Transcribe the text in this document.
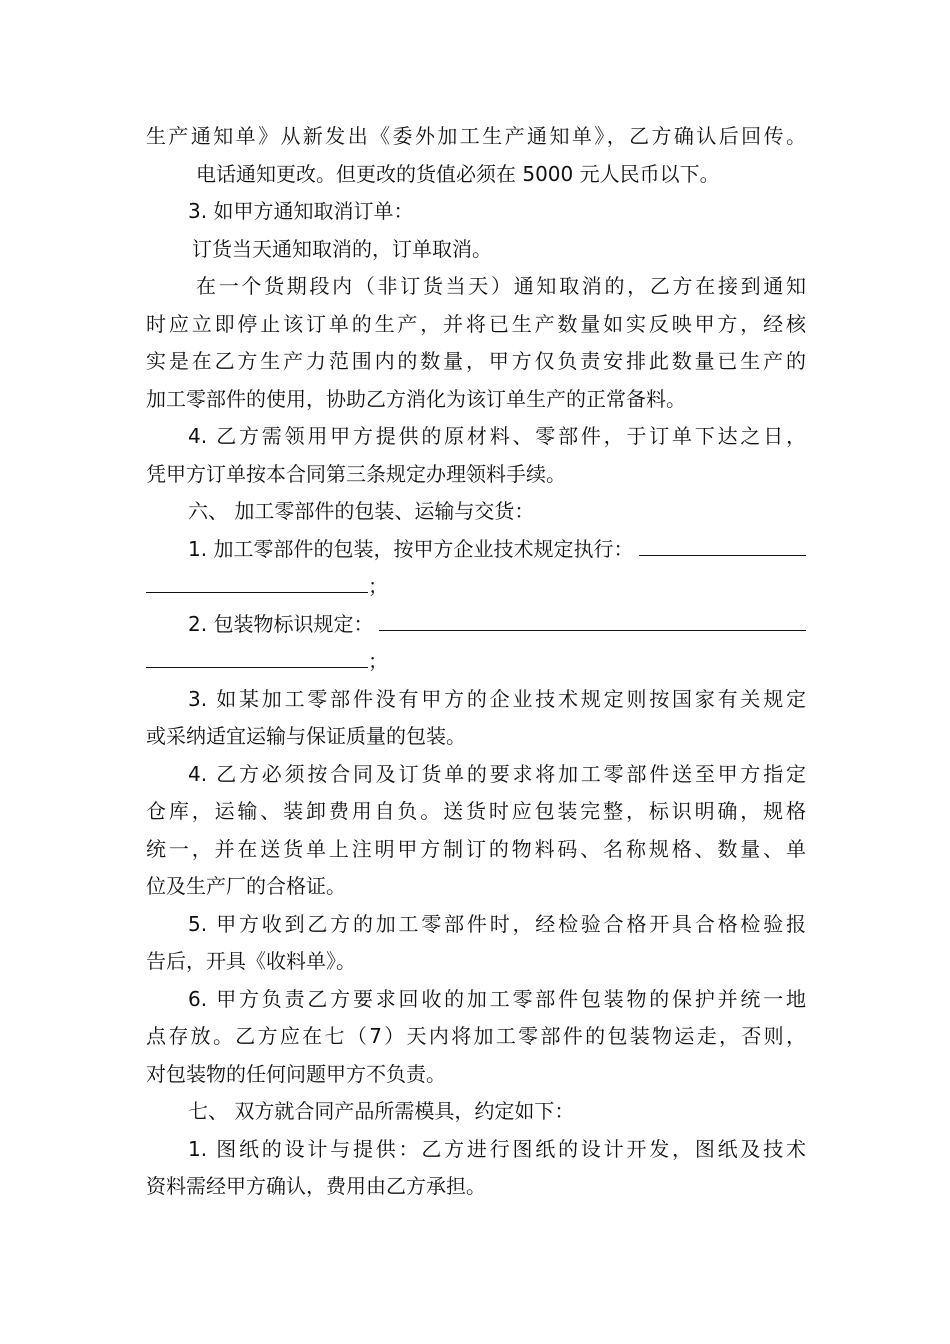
生产通知单》从新发出《委外加工生产通知单》，乙方确认后回传。
电话通知更改。但更改的货值必须在 5000 元人民币以下。
3. 如甲方通知取消订单：
订货当天通知取消的，订单取消。
在一个货期段内（非订货当天）通知取消的，乙方在接到通知
时应立即停止该订单的生产，并将已生产数量如实反映甲方，经核
实是在乙方生产力范围内的数量，甲方仅负责安排此数量已生产的
加工零部件的使用，协助乙方消化为该订单生产的正常备料。
4. 乙方需领用甲方提供的原材料、零部件，于订单下达之日，
凭甲方订单按本合同第三条规定办理领料手续。
六、 加工零部件的包装、运输与交货：
1. 加工零部件的包装，按甲方企业技术规定执行：
；
2. 包装物标识规定：
；
3. 如某加工零部件没有甲方的企业技术规定则按国家有关规定
或采纳适宜运输与保证质量的包装。
4. 乙方必须按合同及订货单的要求将加工零部件送至甲方指定
仓库，运输、装卸费用自负。送货时应包装完整，标识明确，规格
统一，并在送货单上注明甲方制订的物料码、名称规格、数量、单
位及生产厂的合格证。
5. 甲方收到乙方的加工零部件时，经检验合格开具合格检验报
告后，开具《收料单》。
6. 甲方负责乙方要求回收的加工零部件包装物的保护并统一地
点存放。乙方应在七（7）天内将加工零部件的包装物运走，否则，
对包装物的任何问题甲方不负责。
七、 双方就合同产品所需模具，约定如下：
1. 图纸的设计与提供：乙方进行图纸的设计开发，图纸及技术
资料需经甲方确认，费用由乙方承担。
